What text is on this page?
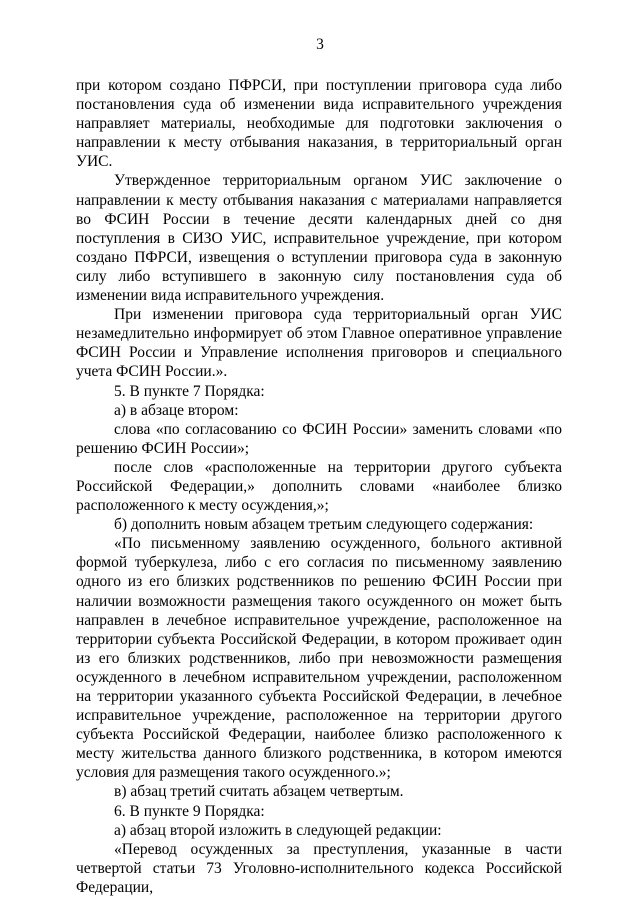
3

при котором создано ПФРСИ, при поступлении приговора суда либо постановления суда об изменении вида исправительного учреждения направляет материалы, необходимые для подготовки заключения о направлении к месту отбывания наказания, в территориальный орган УИС.

Утвержденное территориальным органом УИС заключение о направлении к месту отбывания наказания с материалами направляется во ФСИН России в течение десяти календарных дней со дня поступления в СИЗО УИС, исправительное учреждение, при котором создано ПФРСИ, извещения о вступлении приговора суда в законную силу либо вступившего в законную силу постановления суда об изменении вида исправительного учреждения.

При изменении приговора суда территориальный орган УИС незамедлительно информирует об этом Главное оперативное управление ФСИН России и Управление исполнения приговоров и специального учета ФСИН России.».

5. В пункте 7 Порядка:

а) в абзаце втором:

слова «по согласованию со ФСИН России» заменить словами «по решению ФСИН России»;

после слов «расположенные на территории другого субъекта Российской Федерации,» дополнить словами «наиболее близко расположенного к месту осуждения,»;

б) дополнить новым абзацем третьим следующего содержания:

«По письменному заявлению осужденного, больного активной формой туберкулеза, либо с его согласия по письменному заявлению одного из его близких родственников по решению ФСИН России при наличии возможности размещения такого осужденного он может быть направлен в лечебное исправительное учреждение, расположенное на территории субъекта Российской Федерации, в котором проживает один из его близких родственников, либо при невозможности размещения осужденного в лечебном исправительном учреждении, расположенном на территории указанного субъекта Российской Федерации, в лечебное исправительное учреждение, расположенное на территории другого субъекта Российской Федерации, наиболее близко расположенного к месту жительства данного близкого родственника, в котором имеются условия для размещения такого осужденного.»;

в) абзац третий считать абзацем четвертым.

6. В пункте 9 Порядка:

а) абзац второй изложить в следующей редакции:

«Перевод осужденных за преступления, указанные в части четвертой статьи 73 Уголовно-исполнительного кодекса Российской Федерации,
